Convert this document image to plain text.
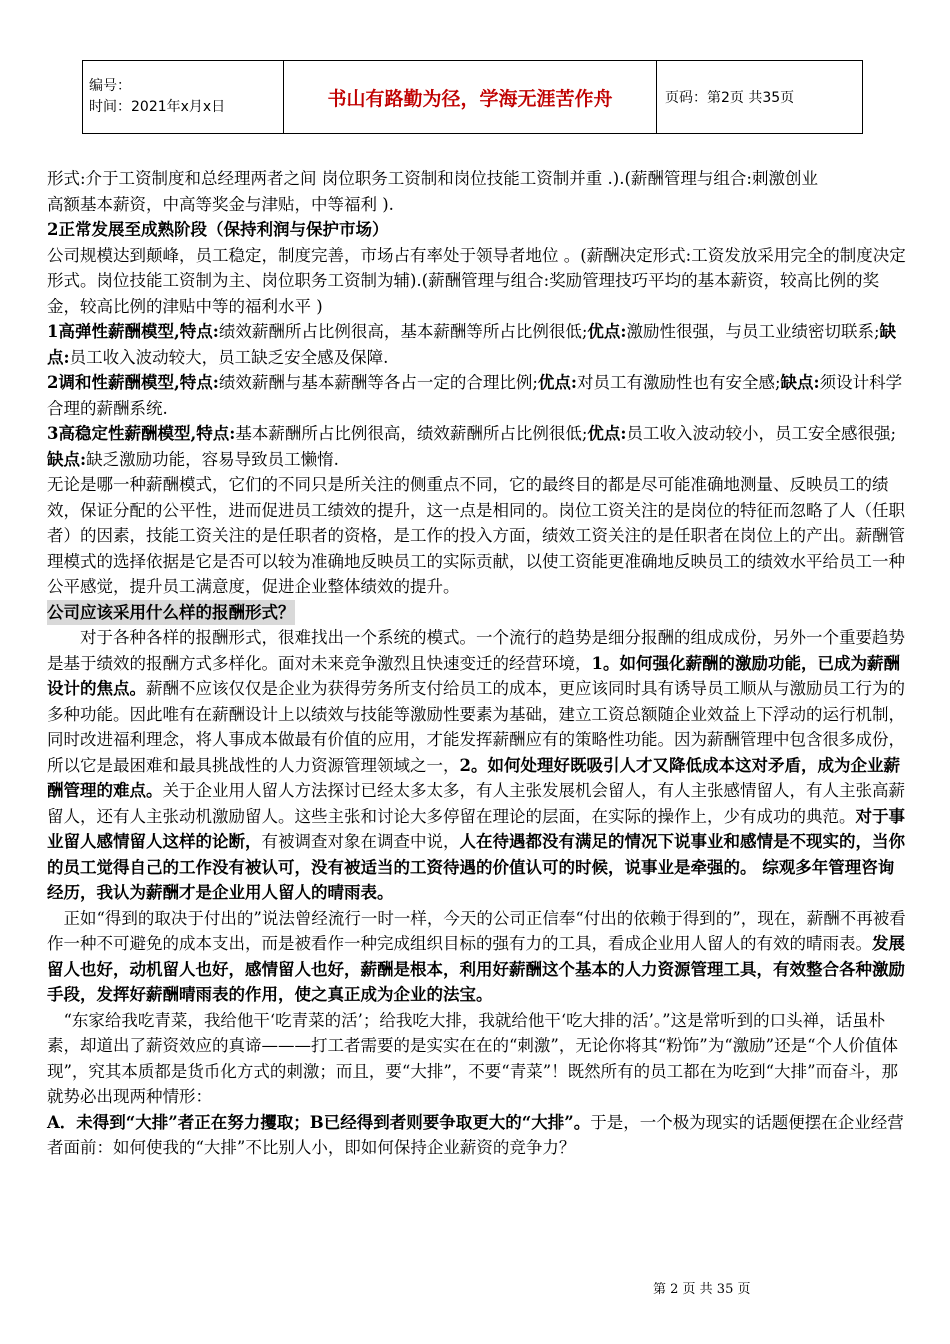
编号：
时间：2021年x月x日	书山有路勤为径，学海无涯苦作舟	页码：第2页 共35页

形式:介于工资制度和总经理两者之间 岗位职务工资制和岗位技能工资制并重 .).(薪酬管理与组合:刺激创业

高额基本薪资，中高等奖金与津贴，中等福利 ).

2正常发展至成熟阶段（保持利润与保护市场）

公司规模达到颠峰，员工稳定，制度完善，市场占有率处于领导者地位 。(薪酬决定形式:工资发放采用完全的制度决定形式。岗位技能工资制为主、岗位职务工资制为辅).(薪酬管理与组合:奖励管理技巧平均的基本薪资，较高比例的奖金，较高比例的津贴中等的福利水平 )

1高弹性薪酬模型,特点:绩效薪酬所占比例很高，基本薪酬等所占比例很低;优点:激励性很强，与员工业绩密切联系;缺点:员工收入波动较大，员工缺乏安全感及保障.

2调和性薪酬模型,特点:绩效薪酬与基本薪酬等各占一定的合理比例;优点:对员工有激励性也有安全感;缺点:须设计科学合理的薪酬系统.

3高稳定性薪酬模型,特点:基本薪酬所占比例很高，绩效薪酬所占比例很低;优点:员工收入波动较小，员工安全感很强;缺点:缺乏激励功能，容易导致员工懒惰.

无论是哪一种薪酬模式，它们的不同只是所关注的侧重点不同，它的最终目的都是尽可能准确地测量、反映员工的绩效，保证分配的公平性，进而促进员工绩效的提升，这一点是相同的。岗位工资关注的是岗位的特征而忽略了人（任职者）的因素，技能工资关注的是任职者的资格，是工作的投入方面，绩效工资关注的是任职者在岗位上的产出。薪酬管理模式的选择依据是它是否可以较为准确地反映员工的实际贡献，以使工资能更准确地反映员工的绩效水平给员工一种公平感觉，提升员工满意度，促进企业整体绩效的提升。

公司应该采用什么样的报酬形式？

对于各种各样的报酬形式，很难找出一个系统的模式。一个流行的趋势是细分报酬的组成成份，另外一个重要趋势是基于绩效的报酬方式多样化。面对未来竞争激烈且快速变迁的经营环境，1。如何强化薪酬的激励功能，已成为薪酬设计的焦点。薪酬不应该仅仅是企业为获得劳务所支付给员工的成本，更应该同时具有诱导员工顺从与激励员工行为的多种功能。因此唯有在薪酬设计上以绩效与技能等激励性要素为基础，建立工资总额随企业效益上下浮动的运行机制，同时改进福利理念，将人事成本做最有价值的应用，才能发挥薪酬应有的策略性功能。因为薪酬管理中包含很多成份，所以它是最困难和最具挑战性的人力资源管理领域之一，2。如何处理好既吸引人才又降低成本这对矛盾，成为企业薪酬管理的难点。关于企业用人留人方法探讨已经太多太多，有人主张发展机会留人，有人主张感情留人，有人主张高薪留人，还有人主张动机激励留人。这些主张和讨论大多停留在理论的层面，在实际的操作上，少有成功的典范。对于事业留人感情留人这样的论断，有被调查对象在调查中说，人在待遇都没有满足的情况下说事业和感情是不现实的，当你的员工觉得自己的工作没有被认可，没有被适当的工资待遇的价值认可的时候，说事业是牵强的。 综观多年管理咨询经历，我认为薪酬才是企业用人留人的晴雨表。

正如“得到的取决于付出的”说法曾经流行一时一样，今天的公司正信奉“付出的依赖于得到的”，现在，薪酬不再被看作一种不可避免的成本支出，而是被看作一种完成组织目标的强有力的工具，看成企业用人留人的有效的晴雨表。发展留人也好，动机留人也好，感情留人也好，薪酬是根本，利用好薪酬这个基本的人力资源管理工具，有效整合各种激励手段，发挥好薪酬晴雨表的作用，使之真正成为企业的法宝。

“东家给我吃青菜，我给他干‘吃青菜的活’；给我吃大排，我就给他干‘吃大排的活’。”这是常听到的口头禅，话虽朴素，却道出了薪资效应的真谛———打工者需要的是实实在在的“刺激”，无论你将其“粉饰”为“激励”还是“个人价值体现”，究其本质都是货币化方式的刺激；而且，要“大排”，不要“青菜”！既然所有的员工都在为吃到“大排”而奋斗，那就势必出现两种情形：

A．未得到“大排”者正在努力攫取；B已经得到者则要争取更大的“大排”。于是，一个极为现实的话题便摆在企业经营者面前：如何使我的“大排”不比别人小，即如何保持企业薪资的竞争力？

第 2 页 共 35 页
